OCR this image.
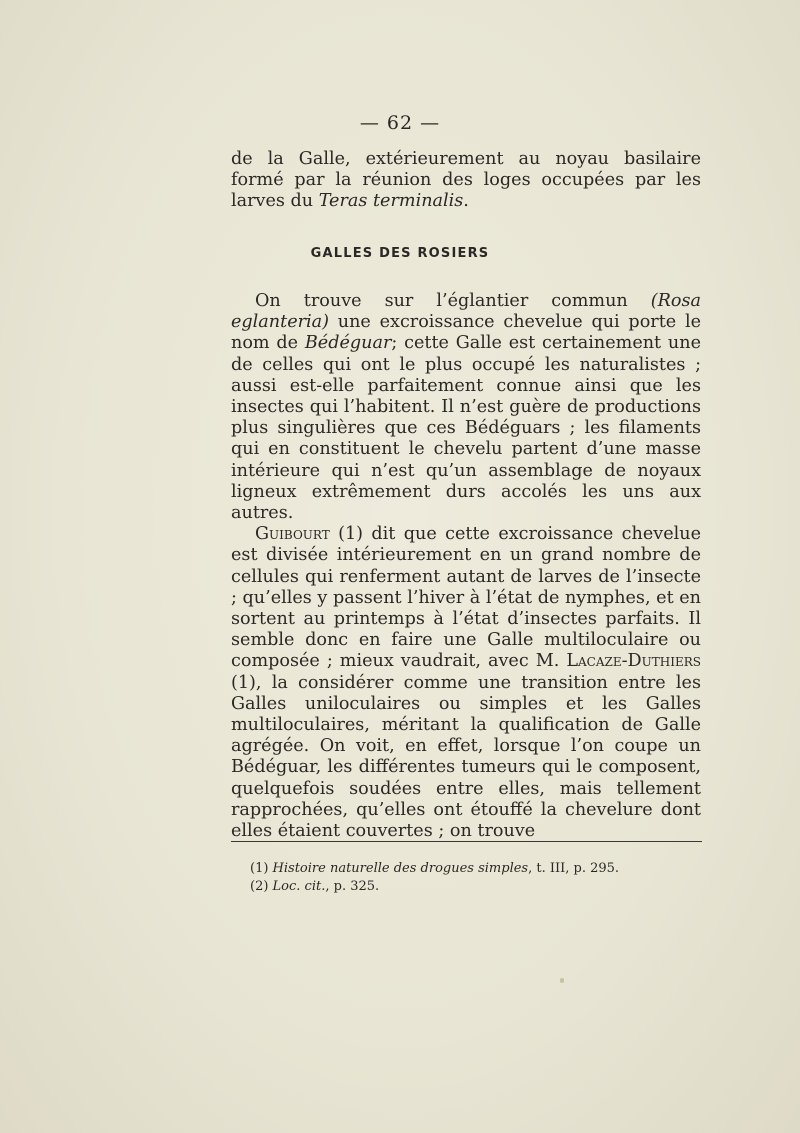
— 62 —

de la Galle, extérieurement au noyau basilaire formé par la réunion des loges occupées par les larves du Teras terminalis.

GALLES DES ROSIERS

On trouve sur l’églantier commun (Rosa eglanteria) une excroissance chevelue qui porte le nom de Bédéguar; cette Galle est certainement une de celles qui ont le plus occupé les naturalistes ; aussi est-elle parfaitement connue ainsi que les insectes qui l’habitent. Il n’est guère de productions plus singulières que ces Bédéguars ; les filaments qui en constituent le chevelu partent d’une masse intérieure qui n’est qu’un assemblage de noyaux ligneux extrêmement durs accolés les uns aux autres.

Guibourt (1) dit que cette excroissance chevelue est divisée intérieurement en un grand nombre de cellules qui renferment autant de larves de l’insecte ; qu’elles y passent l’hiver à l’état de nymphes, et en sortent au printemps à l’état d’insectes parfaits. Il semble donc en faire une Galle multiloculaire ou composée ; mieux vaudrait, avec M. Lacaze-Duthiers (1), la considérer comme une transition entre les Galles uniloculaires ou simples et les Galles multiloculaires, méritant la qualification de Galle agrégée. On voit, en effet, lorsque l’on coupe un Bédéguar, les différentes tumeurs qui le composent, quelquefois soudées entre elles, mais tellement rapprochées, qu’elles ont étouffé la chevelure dont elles étaient couvertes ; on trouve

(1) Histoire naturelle des drogues simples, t. III, p. 295.
(2) Loc. cit., p. 325.
